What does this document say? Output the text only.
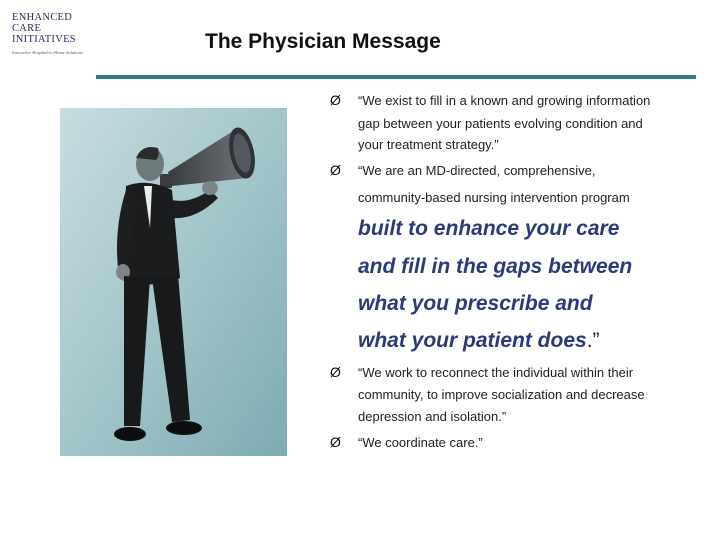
ENHANCED
CARE
INITIATIVES
Innovative Hospital-to-Home Solutions	The Physician Message
Ø “We exist to fill in a known and growing information
gap between your patients evolving condition and
your treatment strategy.”
Ø “We are an MD-directed, comprehensive,
community-based nursing intervention program
built to enhance your care
and fill in the gaps between
what you prescribe and
what your patient does.”
Ø “We work to reconnect the individual within their
community, to improve socialization and decrease
depression and isolation.”
Ø “We coordinate care.”
